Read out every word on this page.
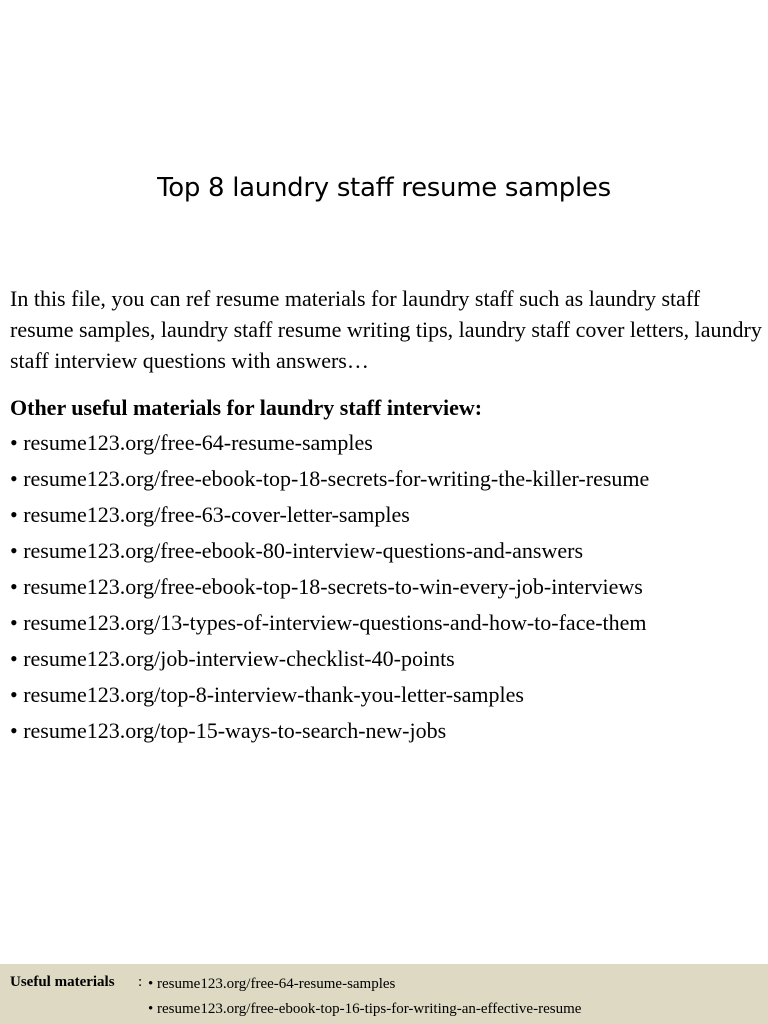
Top 8 laundry staff resume samples

In this file, you can ref resume materials for laundry staff such as laundry staff resume samples, laundry staff resume writing tips, laundry staff cover letters, laundry staff interview questions with answers…

Other useful materials for laundry staff interview:
• resume123.org/free-64-resume-samples
• resume123.org/free-ebook-top-18-secrets-for-writing-the-killer-resume
• resume123.org/free-63-cover-letter-samples
• resume123.org/free-ebook-80-interview-questions-and-answers
• resume123.org/free-ebook-top-18-secrets-to-win-every-job-interviews
• resume123.org/13-types-of-interview-questions-and-how-to-face-them
• resume123.org/job-interview-checklist-40-points
• resume123.org/top-8-interview-thank-you-letter-samples
• resume123.org/top-15-ways-to-search-new-jobs
Useful materials : • resume123.org/free-64-resume-samples
• resume123.org/free-ebook-top-16-tips-for-writing-an-effective-resume
